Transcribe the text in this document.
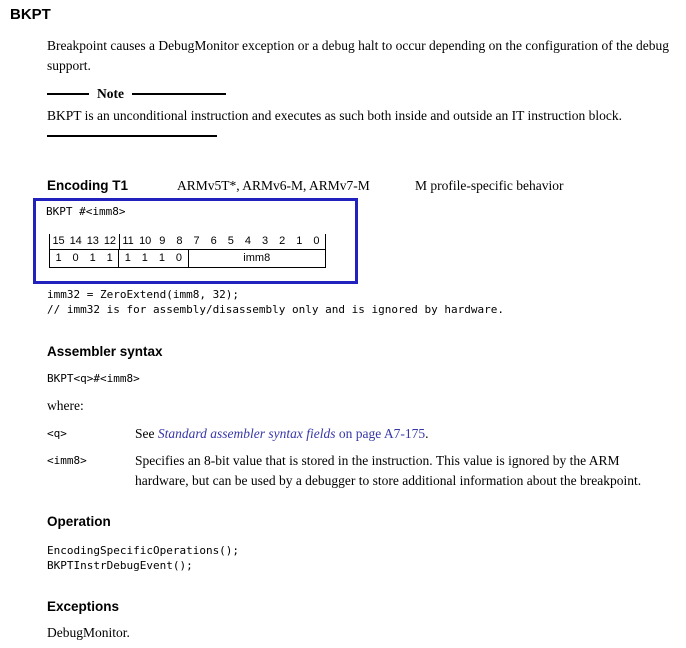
BKPT
Breakpoint causes a DebugMonitor exception or a debug halt to occur depending on the configuration of the debug support.
Note
BKPT is an unconditional instruction and executes as such both inside and outside an IT instruction block.
Encoding T1	ARMv5T*, ARMv6-M, ARMv7-M	M profile-specific behavior
BKPT #<imm8>
15 14 13 12 11 10 9	8	7	6	5	4	3	2	1	0
1 0 1 1	1 1 1 0	imm8
imm32 = ZeroExtend(imm8, 32);
// imm32 is for assembly/disassembly only and is ignored by hardware.
Assembler syntax
BKPT<q>#<imm8>
where:
<q>	See Standard assembler syntax fields on page A7-175.
<imm8>	Specifies an 8-bit value that is stored in the instruction. This value is ignored by the ARM hardware, but can be used by a debugger to store additional information about the breakpoint.
Operation
EncodingSpecificOperations();
BKPTInstrDebugEvent();
Exceptions
DebugMonitor.
